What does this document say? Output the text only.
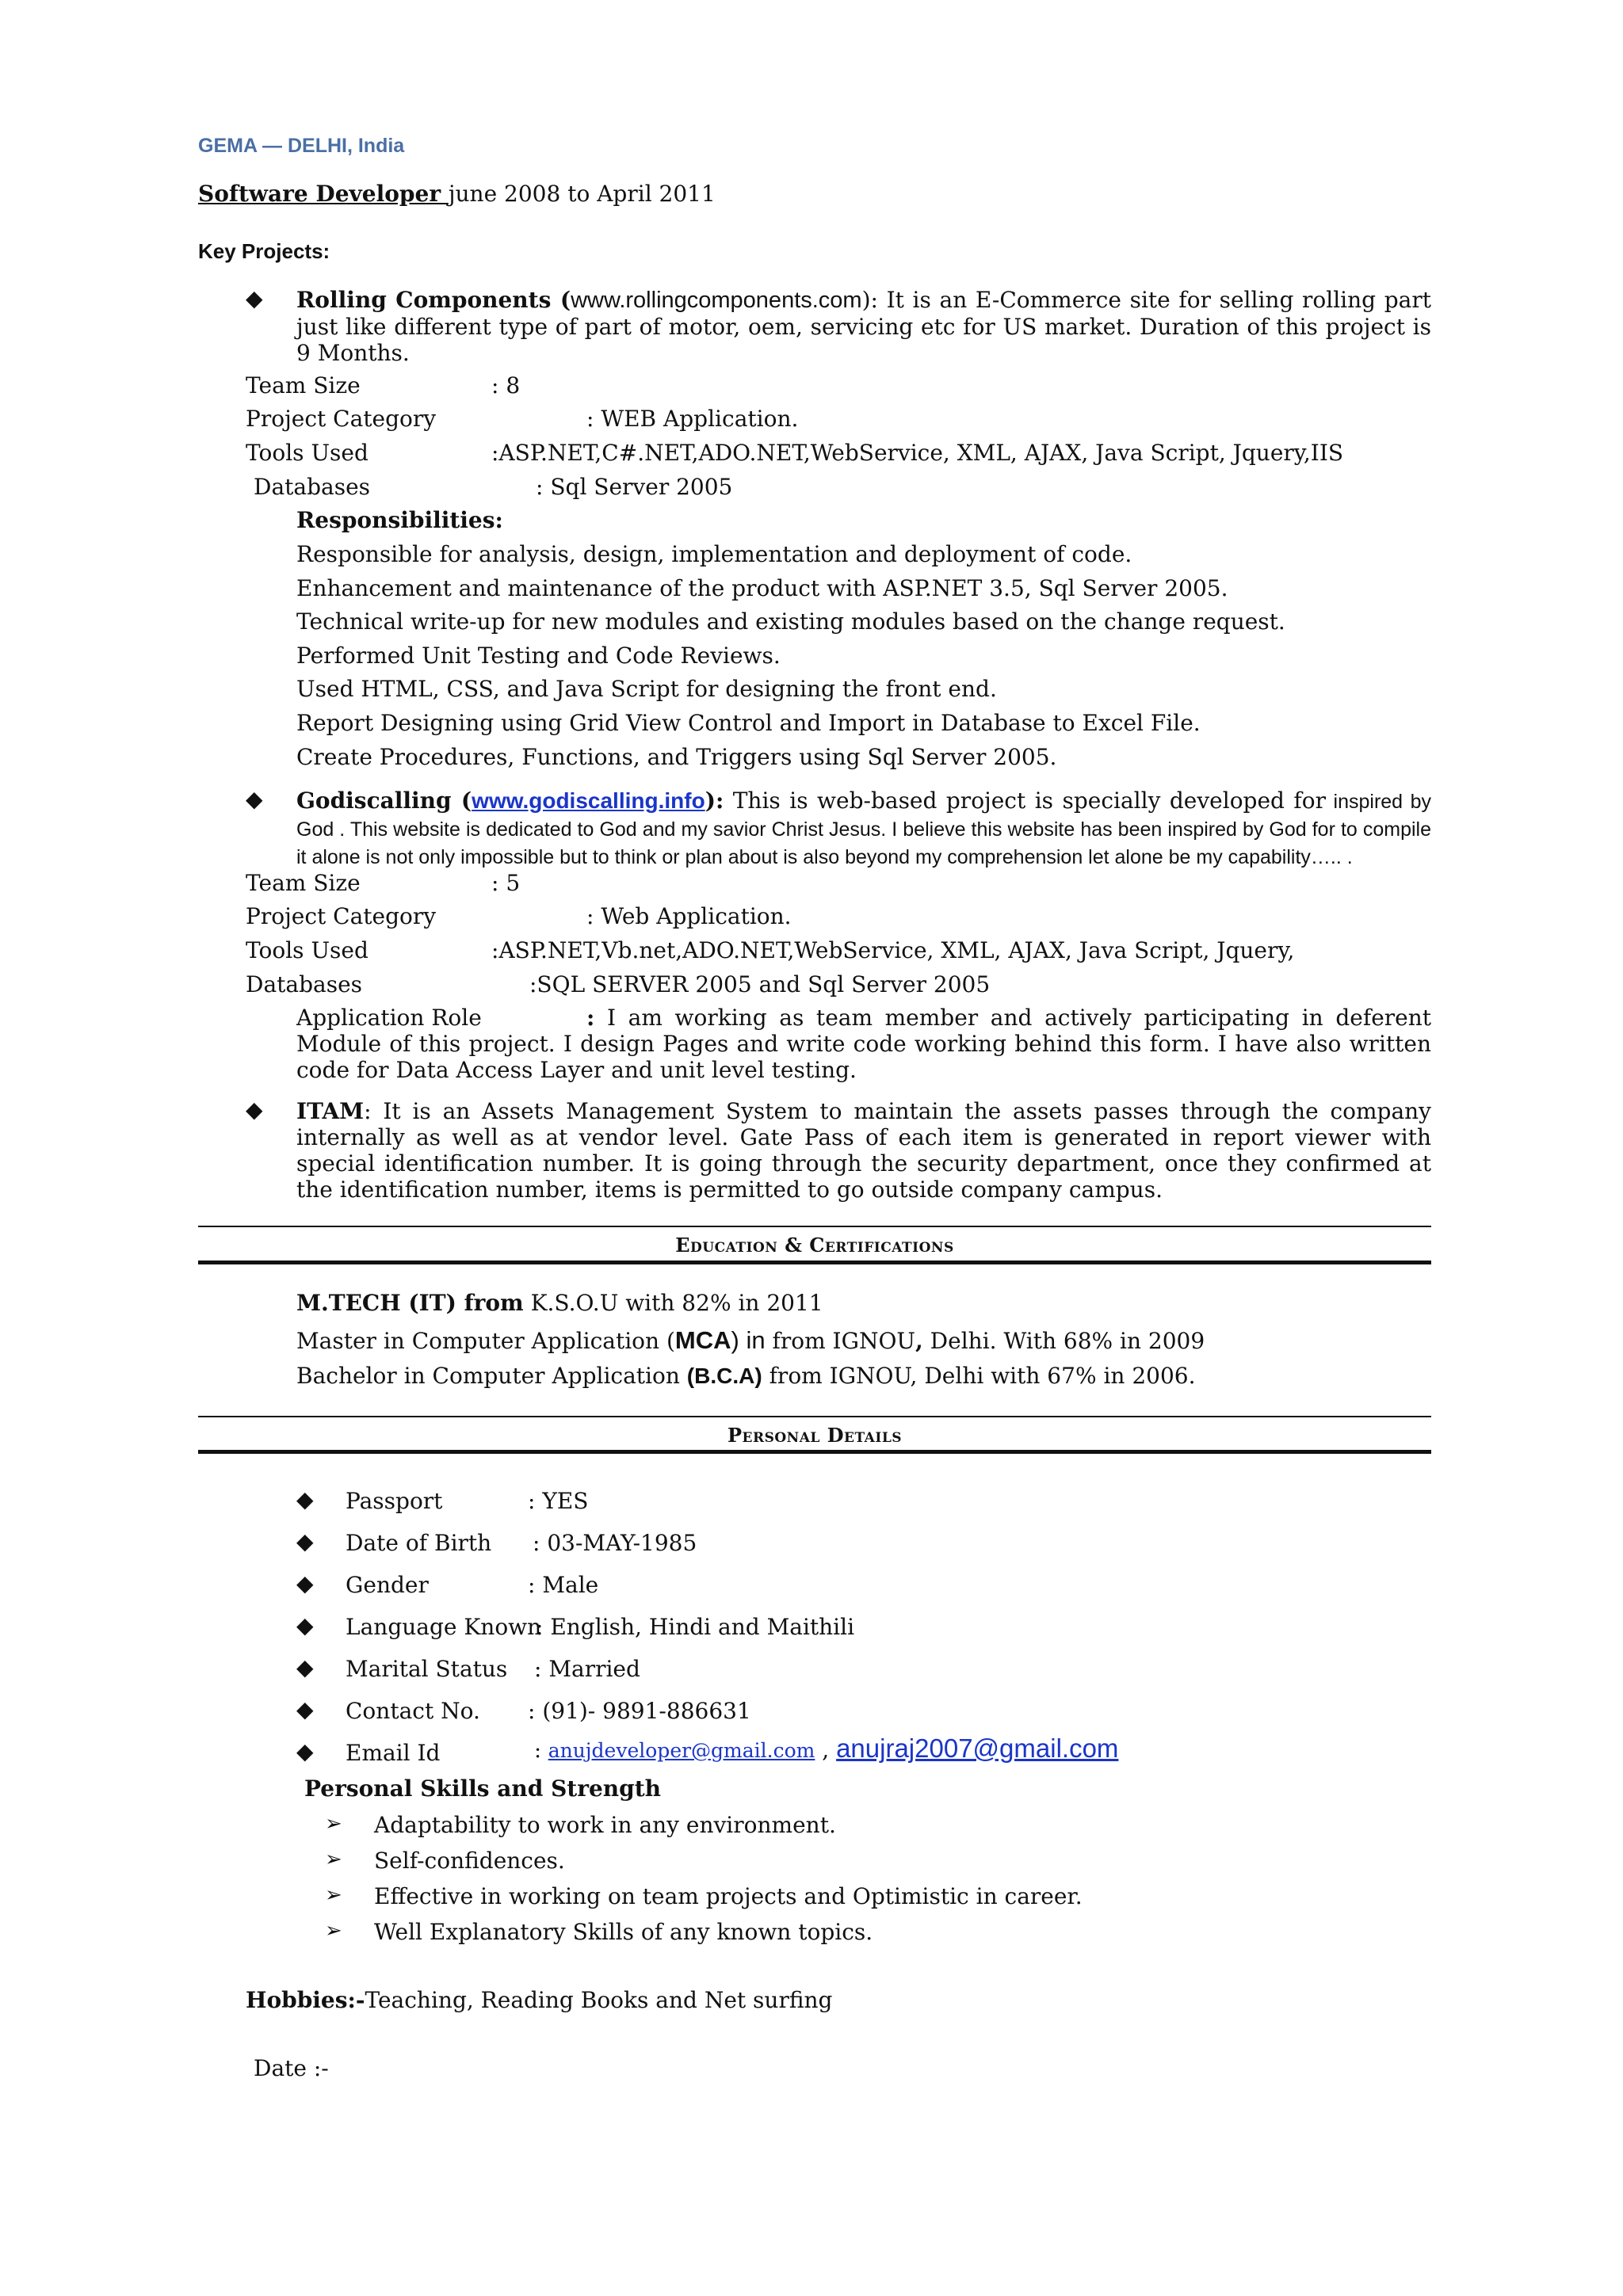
GEMA — DELHI, India
Software Developer june 2008 to April 2011
Key Projects:
◆ Rolling Components (www.rollingcomponents.com): It is an E-Commerce site for selling rolling part just like different type of part of motor, oem, servicing etc for US market. Duration of this project is 9 Months.
Team Size	: 8
Project Category	: WEB Application.
Tools Used	:ASP.NET,C#.NET,ADO.NET,WebService, XML, AJAX, Java Script, Jquery,IIS
Databases	: Sql Server 2005
Responsibilities:
Responsible for analysis, design, implementation and deployment of code.
Enhancement and maintenance of the product with ASP.NET 3.5, Sql Server 2005.
Technical write-up for new modules and existing modules based on the change request.
Performed Unit Testing and Code Reviews.
Used HTML, CSS, and Java Script for designing the front end.
Report Designing using Grid View Control and Import in Database to Excel File.
Create Procedures, Functions, and Triggers using Sql Server 2005.
◆ Godiscalling (www.godiscalling.info): This is web-based project is specially developed for inspired by God . This website is dedicated to God and my savior Christ Jesus. I believe this website has been inspired by God for to compile it alone is not only impossible but to think or plan about is also beyond my comprehension let alone be my capability….. .
Team Size	: 5
Project Category	: Web Application.
Tools Used	:ASP.NET,Vb.net,ADO.NET,WebService, XML, AJAX, Java Script, Jquery,
Databases	:SQL SERVER 2005 and Sql Server 2005
Application Role	: I am working as team member and actively participating in deferent Module of this project. I design Pages and write code working behind this form. I have also written code for Data Access Layer and unit level testing.
◆ ITAM: It is an Assets Management System to maintain the assets passes through the company internally as well as at vendor level. Gate Pass of each item is generated in report viewer with special identification number. It is going through the security department, once they confirmed at the identification number, items is permitted to go outside company campus.
Education & Certifications
M.TECH (IT) from K.S.O.U with 82% in 2011
Master in Computer Application (MCA) in from IGNOU, Delhi. With 68% in 2009
Bachelor in Computer Application (B.C.A) from IGNOU, Delhi with 67% in 2006.
Personal Details
◆ Passport	: YES
◆ Date of Birth : 03-MAY-1985
◆ Gender	: Male
◆ Language Known
: English, Hindi and Maithili
◆ Marital Status : Married
◆ Contact No. : (91)- 9891-886631
◆ Email Id	: anujdeveloper@gmail.com , anujraj2007@gmail.com
Personal Skills and Strength
➢ Adaptability to work in any environment.
➢ Self-confidences.
➢ Effective in working on team projects and Optimistic in career.
➢ Well Explanatory Skills of any known topics.
Hobbies:-Teaching, Reading Books and Net surfing
Date :-
